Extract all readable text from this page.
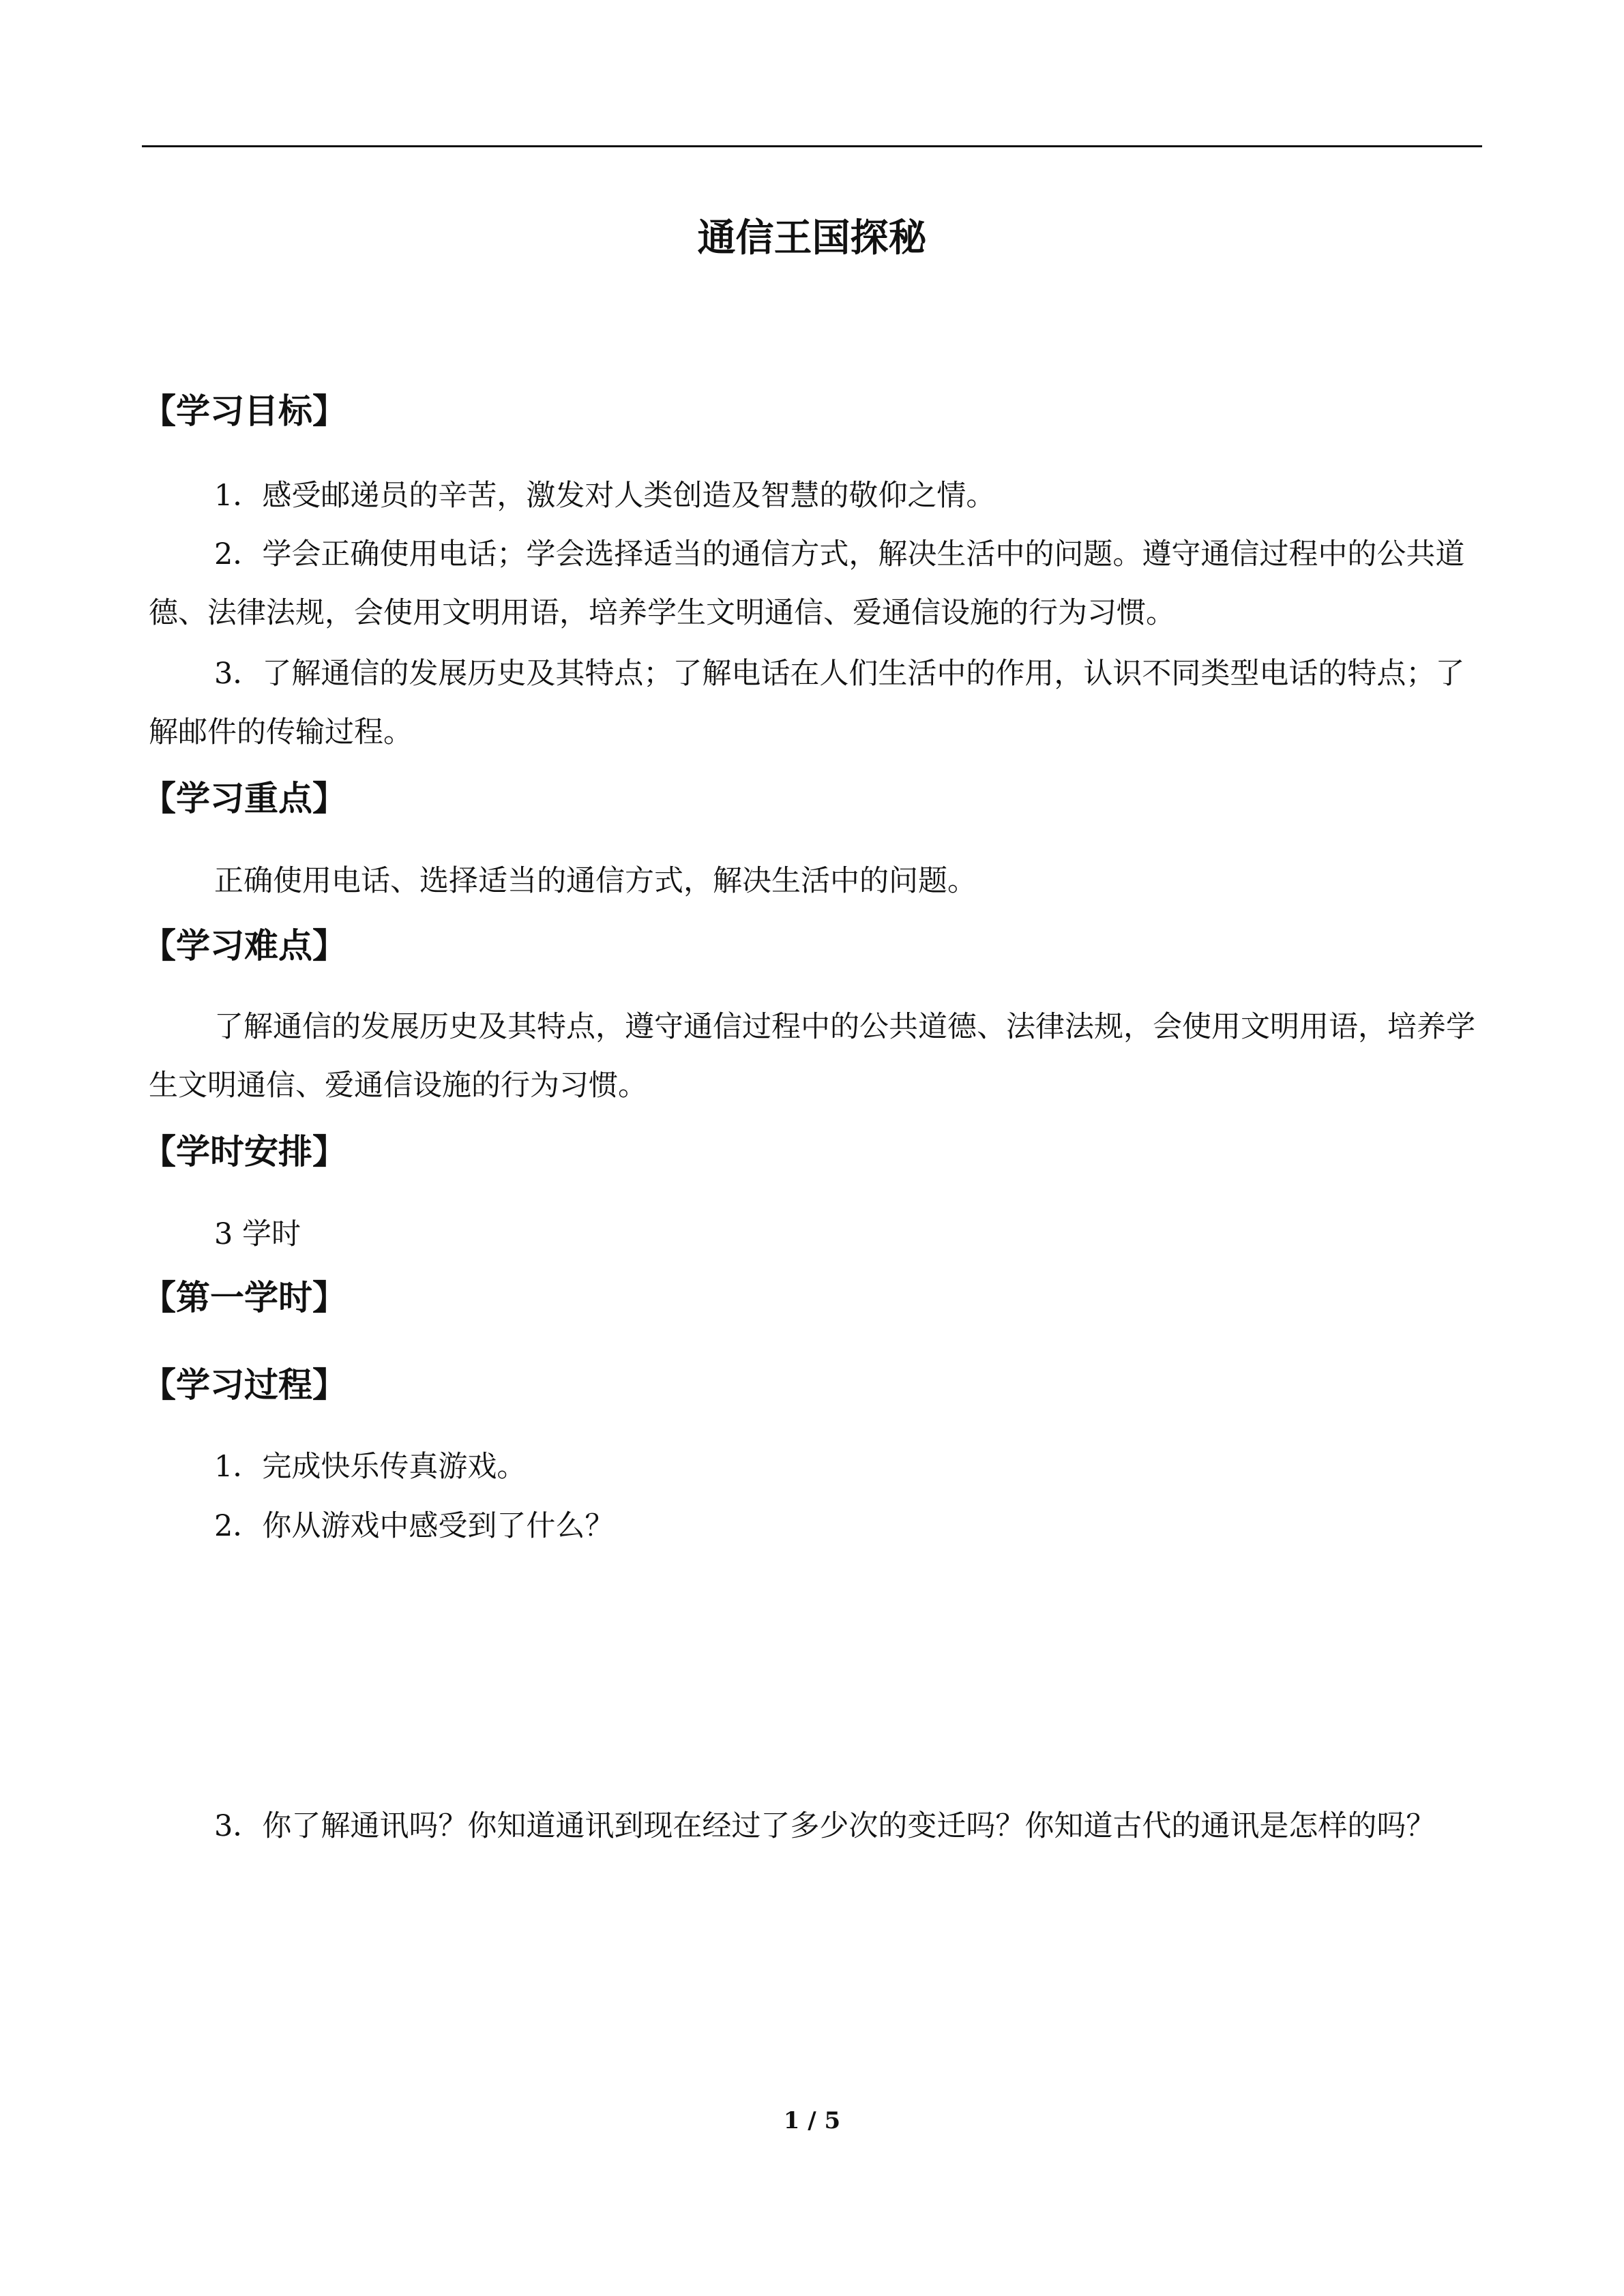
通信王国探秘
【学习目标】
1．感受邮递员的辛苦，激发对人类创造及智慧的敬仰之情。
2．学会正确使用电话；学会选择适当的通信方式，解决生活中的问题。遵守通信过程中的公共道德、法律法规，会使用文明用语，培养学生文明通信、爱通信设施的行为习惯。
3．了解通信的发展历史及其特点；了解电话在人们生活中的作用，认识不同类型电话的特点；了解邮件的传输过程。
【学习重点】
正确使用电话、选择适当的通信方式，解决生活中的问题。
【学习难点】
了解通信的发展历史及其特点，遵守通信过程中的公共道德、法律法规，会使用文明用语，培养学生文明通信、爱通信设施的行为习惯。
【学时安排】
3 学时
【第一学时】
【学习过程】
1．完成快乐传真游戏。
2．你从游戏中感受到了什么？
3．你了解通讯吗？你知道通讯到现在经过了多少次的变迁吗？你知道古代的通讯是怎样的吗？
1 / 5
